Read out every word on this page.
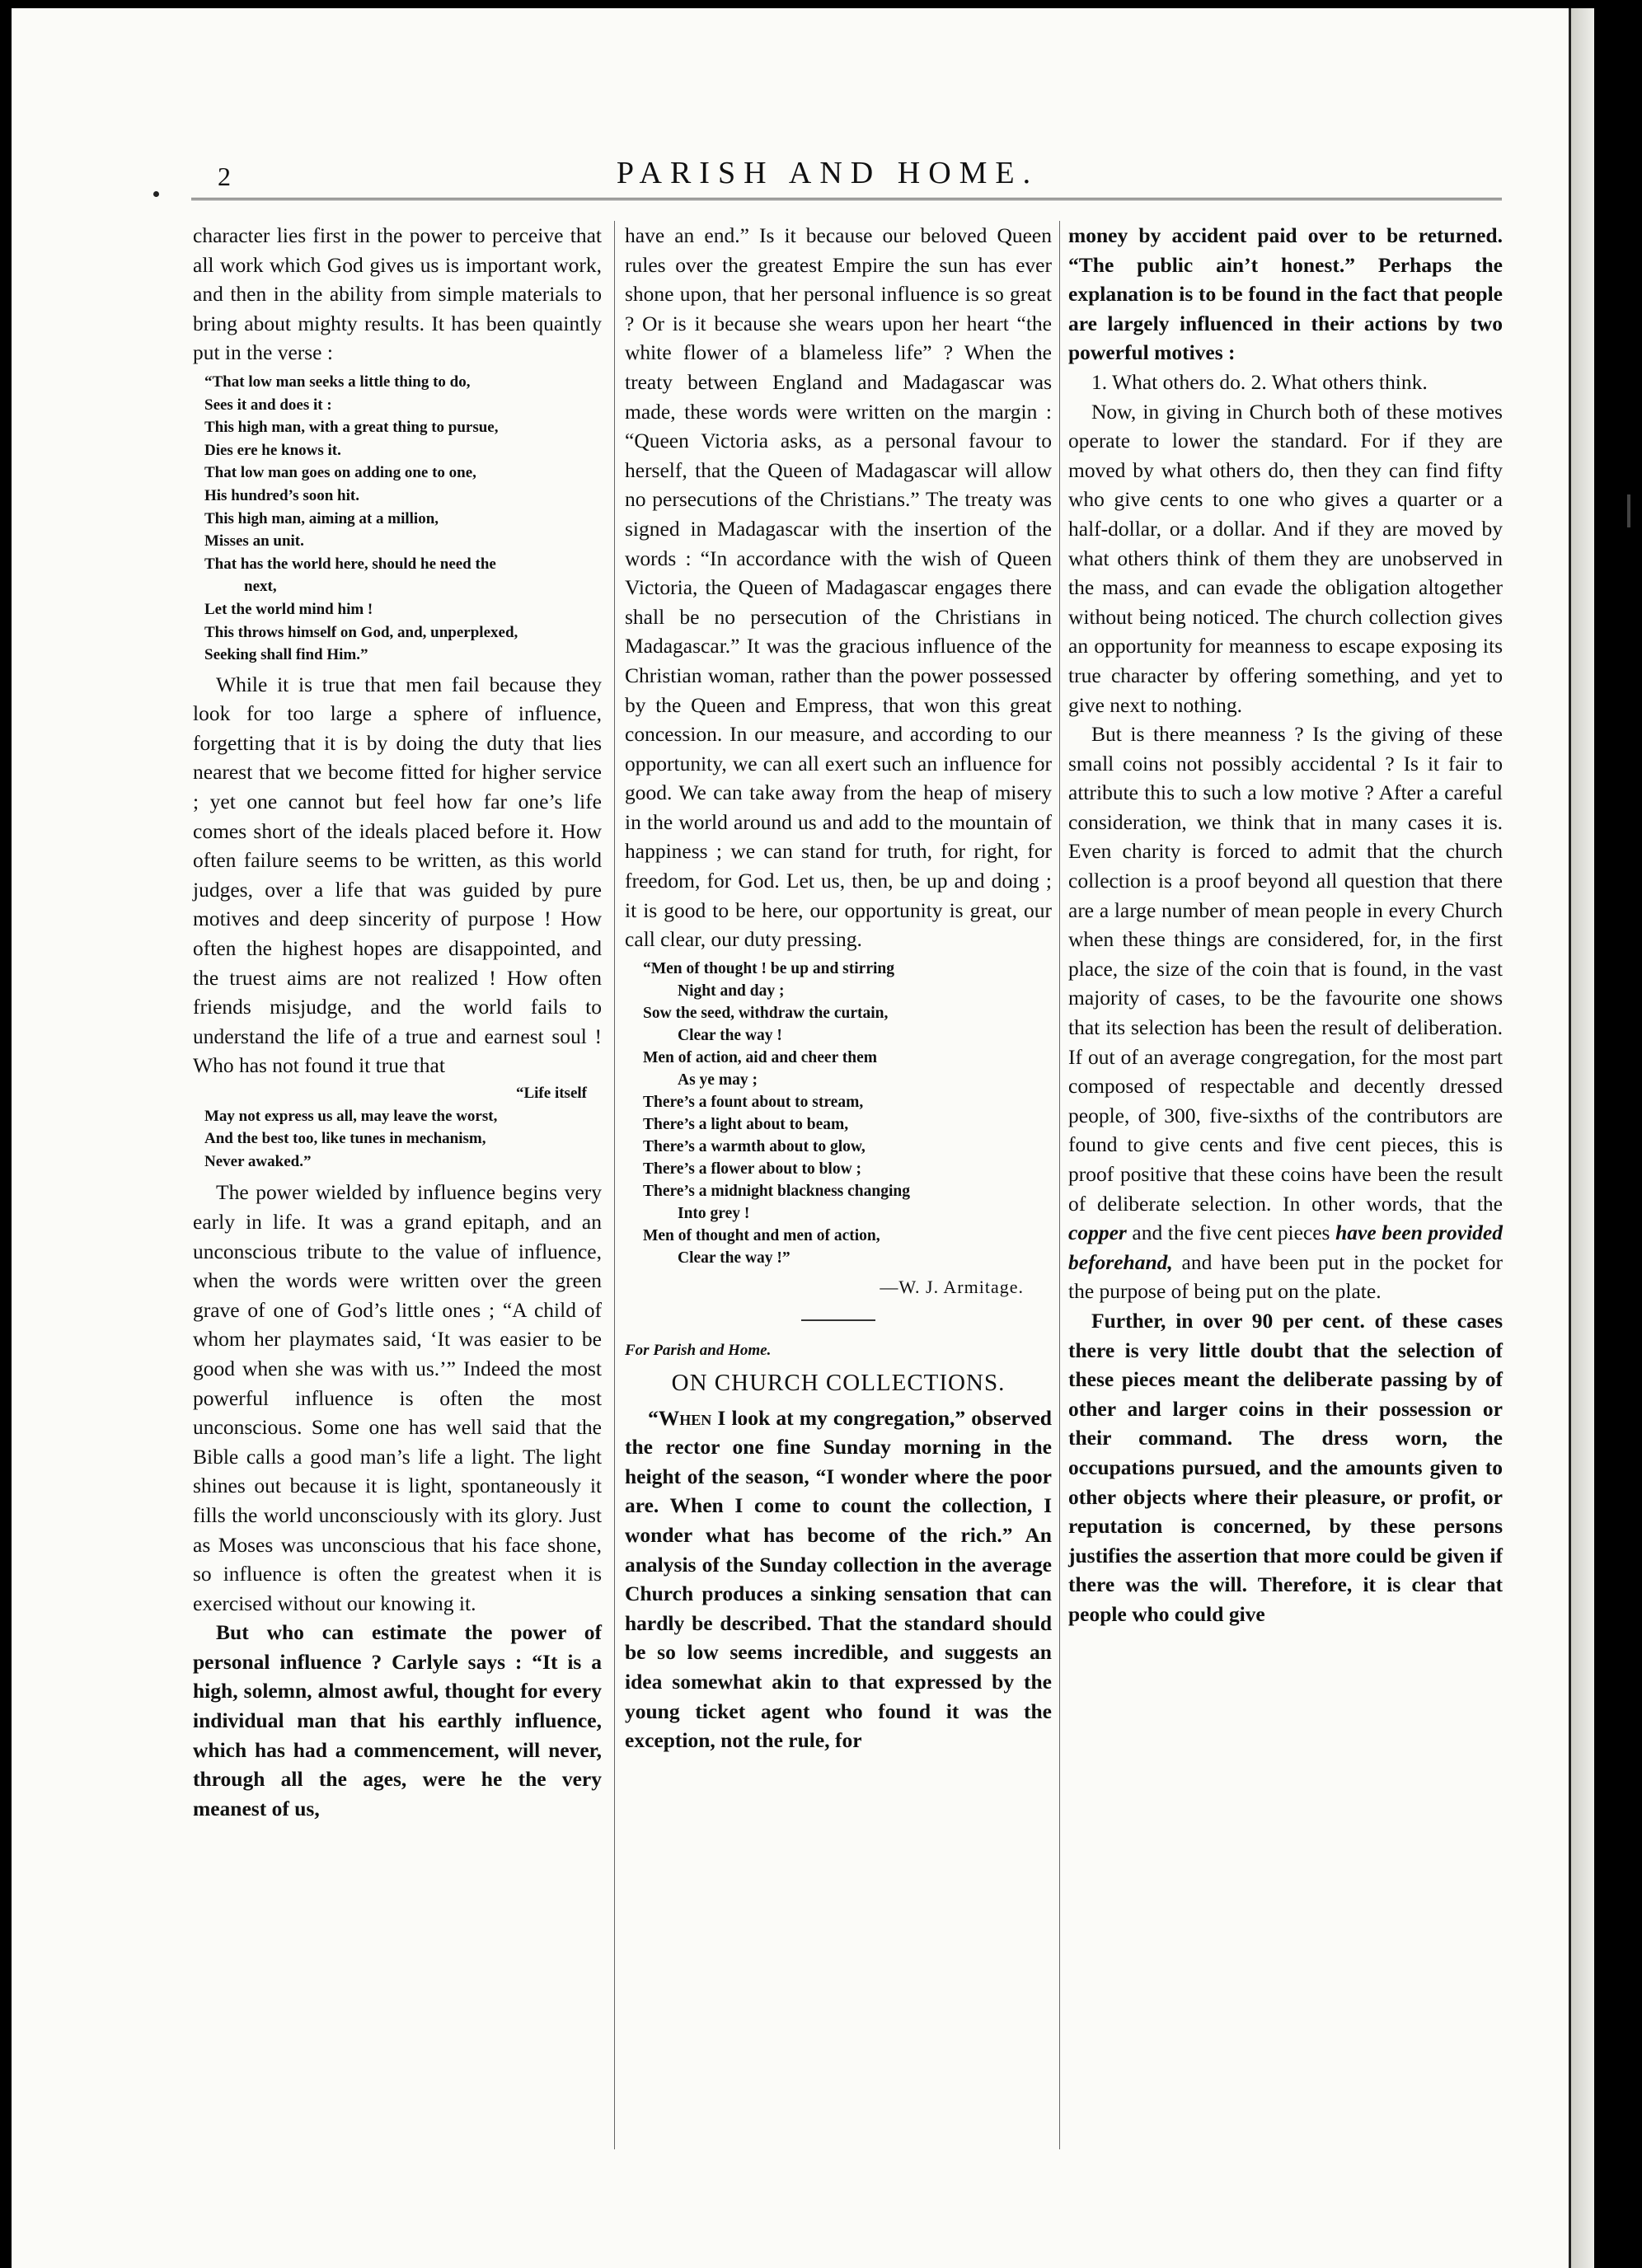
2	PARISH AND HOME.

character lies first in the power to perceive that all work which God gives us is important work, and then in the ability from simple materials to bring about mighty results. It has been quaintly put in the verse :

“That low man seeks a little thing to do,
Sees it and does it :
This high man, with a great thing to pursue,
Dies ere he knows it.
That low man goes on adding one to one,
His hundred’s soon hit.
This high man, aiming at a million,
Misses an unit.
That has the world here, should he need the
next,
Let the world mind him !
This throws himself on God, and, unperplexed,
Seeking shall find Him.”

While it is true that men fail because they look for too large a sphere of influence, forgetting that it is by doing the duty that lies nearest that we become fitted for higher service ; yet one cannot but feel how far one’s life comes short of the ideals placed before it. How often failure seems to be written, as this world judges, over a life that was guided by pure motives and deep sincerity of purpose ! How often the highest hopes are disappointed, and the truest aims are not realized ! How often friends misjudge, and the world fails to understand the life of a true and earnest soul ! Who has not found it true that

“Life itself
May not express us all, may leave the worst,
And the best too, like tunes in mechanism,
Never awaked.”

The power wielded by influence begins very early in life. It was a grand epitaph, and an unconscious tribute to the value of influence, when the words were written over the green grave of one of God’s little ones ; “A child of whom her playmates said, ‘It was easier to be good when she was with us.’” Indeed the most powerful influence is often the most unconscious. Some one has well said that the Bible calls a good man’s life a light. The light shines out because it is light, spontaneously it fills the world unconsciously with its glory. Just as Moses was unconscious that his face shone, so influence is often the greatest when it is exercised without our knowing it.

But who can estimate the power of personal influence ? Carlyle says : “It is a high, solemn, almost awful, thought for every individual man that his earthly influence, which has had a commencement, will never, through all the ages, were he the very meanest of us,

have an end.” Is it because our beloved Queen rules over the greatest Empire the sun has ever shone upon, that her personal influence is so great ? Or is it because she wears upon her heart “the white flower of a blameless life” ? When the treaty between England and Madagascar was made, these words were written on the margin : “Queen Victoria asks, as a personal favour to herself, that the Queen of Madagascar will allow no persecutions of the Christians.” The treaty was signed in Madagascar with the insertion of the words : “In accordance with the wish of Queen Victoria, the Queen of Madagascar engages there shall be no persecution of the Christians in Madagascar.” It was the gracious influence of the Christian woman, rather than the power possessed by the Queen and Empress, that won this great concession. In our measure, and according to our opportunity, we can all exert such an influence for good. We can take away from the heap of misery in the world around us and add to the mountain of happiness ; we can stand for truth, for right, for freedom, for God. Let us, then, be up and doing ; it is good to be here, our opportunity is great, our call clear, our duty pressing.

“Men of thought ! be up and stirring
Night and day ;
Sow the seed, withdraw the curtain,
Clear the way !
Men of action, aid and cheer them
As ye may ;
There’s a fount about to stream,
There’s a light about to beam,
There’s a warmth about to glow,
There’s a flower about to blow ;
There’s a midnight blackness changing
Into grey !
Men of thought and men of action,
Clear the way !”

—W. J. Armitage.

For Parish and Home.

ON CHURCH COLLECTIONS.

“When I look at my congregation,” observed the rector one fine Sunday morning in the height of the season, “I wonder where the poor are. When I come to count the collection, I wonder what has become of the rich.” An analysis of the Sunday collection in the average Church produces a sinking sensation that can hardly be described. That the standard should be so low seems incredible, and suggests an idea somewhat akin to that expressed by the young ticket agent who found it was the exception, not the rule, for

money by accident paid over to be returned. “The public ain’t honest.” Perhaps the explanation is to be found in the fact that people are largely influenced in their actions by two powerful motives :

1. What others do. 2. What others think.

Now, in giving in Church both of these motives operate to lower the standard. For if they are moved by what others do, then they can find fifty who give cents to one who gives a quarter or a half-dollar, or a dollar. And if they are moved by what others think of them they are unobserved in the mass, and can evade the obligation altogether without being noticed. The church collection gives an opportunity for meanness to escape exposing its true character by offering something, and yet to give next to nothing.

But is there meanness ? Is the giving of these small coins not possibly accidental ? Is it fair to attribute this to such a low motive ? After a careful consideration, we think that in many cases it is. Even charity is forced to admit that the church collection is a proof beyond all question that there are a large number of mean people in every Church when these things are considered, for, in the first place, the size of the coin that is found, in the vast majority of cases, to be the favourite one shows that its selection has been the result of deliberation. If out of an average congregation, for the most part composed of respectable and decently dressed people, of 300, five-sixths of the contributors are found to give cents and five cent pieces, this is proof positive that these coins have been the result of deliberate selection. In other words, that the copper and the five cent pieces have been provided beforehand, and have been put in the pocket for the purpose of being put on the plate.

Further, in over 90 per cent. of these cases there is very little doubt that the selection of these pieces meant the deliberate passing by of other and larger coins in their possession or their command. The dress worn, the occupations pursued, and the amounts given to other objects where their pleasure, or profit, or reputation is concerned, by these persons justifies the assertion that more could be given if there was the will. Therefore, it is clear that people who could give
